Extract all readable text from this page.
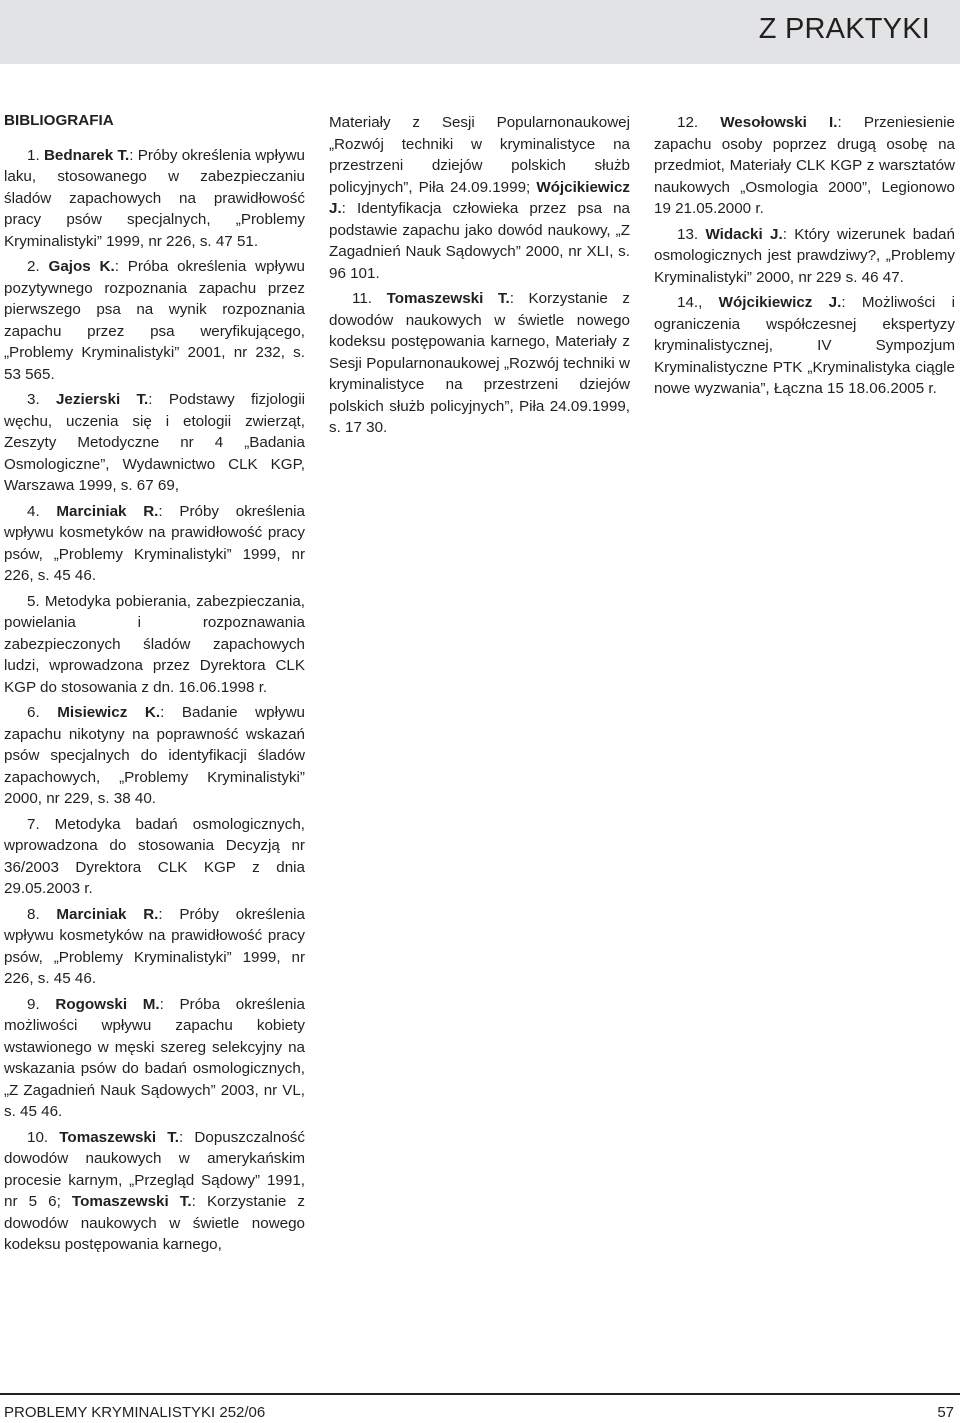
Z PRAKTYKI
BIBLIOGRAFIA

1. Bednarek T.: Próby określenia wpływu laku, stosowanego w zabezpieczaniu śladów zapachowych na prawidłowość pracy psów specjalnych, „Problemy Kryminalistyki” 1999, nr 226, s. 47 51.

2. Gajos K.: Próba określenia wpływu pozytywnego rozpoznania zapachu przez pierwszego psa na wynik rozpoznania zapachu przez psa weryfikującego, „Problemy Kryminalistyki” 2001, nr 232, s. 53 565.

3. Jezierski T.: Podstawy fizjologii węchu, uczenia się i etologii zwierząt, Zeszyty Metodyczne nr 4 „Badania Osmologiczne”, Wydawnictwo CLK KGP, Warszawa 1999, s. 67 69,

4. Marciniak R.: Próby określenia wpływu kosmetyków na prawidłowość pracy psów, „Problemy Kryminalistyki” 1999, nr 226, s. 45 46.

5. Metodyka pobierania, zabezpieczania, powielania i rozpoznawania zabezpieczonych śladów zapachowych ludzi, wprowadzona przez Dyrektora CLK KGP do stosowania z dn. 16.06.1998 r.

6. Misiewicz K.: Badanie wpływu zapachu nikotyny na poprawność wskazań psów specjalnych do identyfikacji śladów zapachowych, „Problemy Kryminalistyki” 2000, nr 229, s. 38 40.

7. Metodyka badań osmologicznych, wprowadzona do stosowania Decyzją nr 36/2003 Dyrektora CLK KGP z dnia 29.05.2003 r.

8. Marciniak R.: Próby określenia wpływu kosmetyków na prawidłowość pracy psów, „Problemy Kryminalistyki” 1999, nr 226, s. 45 46.

9. Rogowski M.: Próba określenia możliwości wpływu zapachu kobiety wstawionego w męski szereg selekcyjny na wskazania psów do badań osmologicznych, „Z Zagadnień Nauk Sądowych” 2003, nr VL, s. 45 46.

10. Tomaszewski T.: Dopuszczalność dowodów naukowych w amerykańskim procesie karnym, „Przegląd Sądowy” 1991, nr 5 6; Tomaszewski T.: Korzystanie z dowodów naukowych w świetle nowego kodeksu postępowania karnego,

Materiały z Sesji Popularnonaukowej „Rozwój techniki w kryminalistyce na przestrzeni dziejów polskich służb policyjnych”, Piła 24.09.1999; Wójcikiewicz J.: Identyfikacja człowieka przez psa na podstawie zapachu jako dowód naukowy, „Z Zagadnień Nauk Sądowych” 2000, nr XLI, s. 96 101.

11. Tomaszewski T.: Korzystanie z dowodów naukowych w świetle nowego kodeksu postępowania karnego, Materiały z Sesji Popularnonaukowej „Rozwój techniki w kryminalistyce na przestrzeni dziejów polskich służb policyjnych”, Piła 24.09.1999, s. 17 30.

12. Wesołowski I.: Przeniesienie zapachu osoby poprzez drugą osobę na przedmiot, Materiały CLK KGP z warsztatów naukowych „Osmologia 2000”, Legionowo 19 21.05.2000 r.

13. Widacki J.: Który wizerunek badań osmologicznych jest prawdziwy?, „Problemy Kryminalistyki” 2000, nr 229 s. 46 47.

14., Wójcikiewicz J.: Możliwości i ograniczenia współczesnej ekspertyzy kryminalistycznej, IV Sympozjum Kryminalistyczne PTK „Kryminalistyka ciągle nowe wyzwania”, Łączna 15 18.06.2005 r.

PROBLEMY KRYMINALISTYKI 252/06	57
